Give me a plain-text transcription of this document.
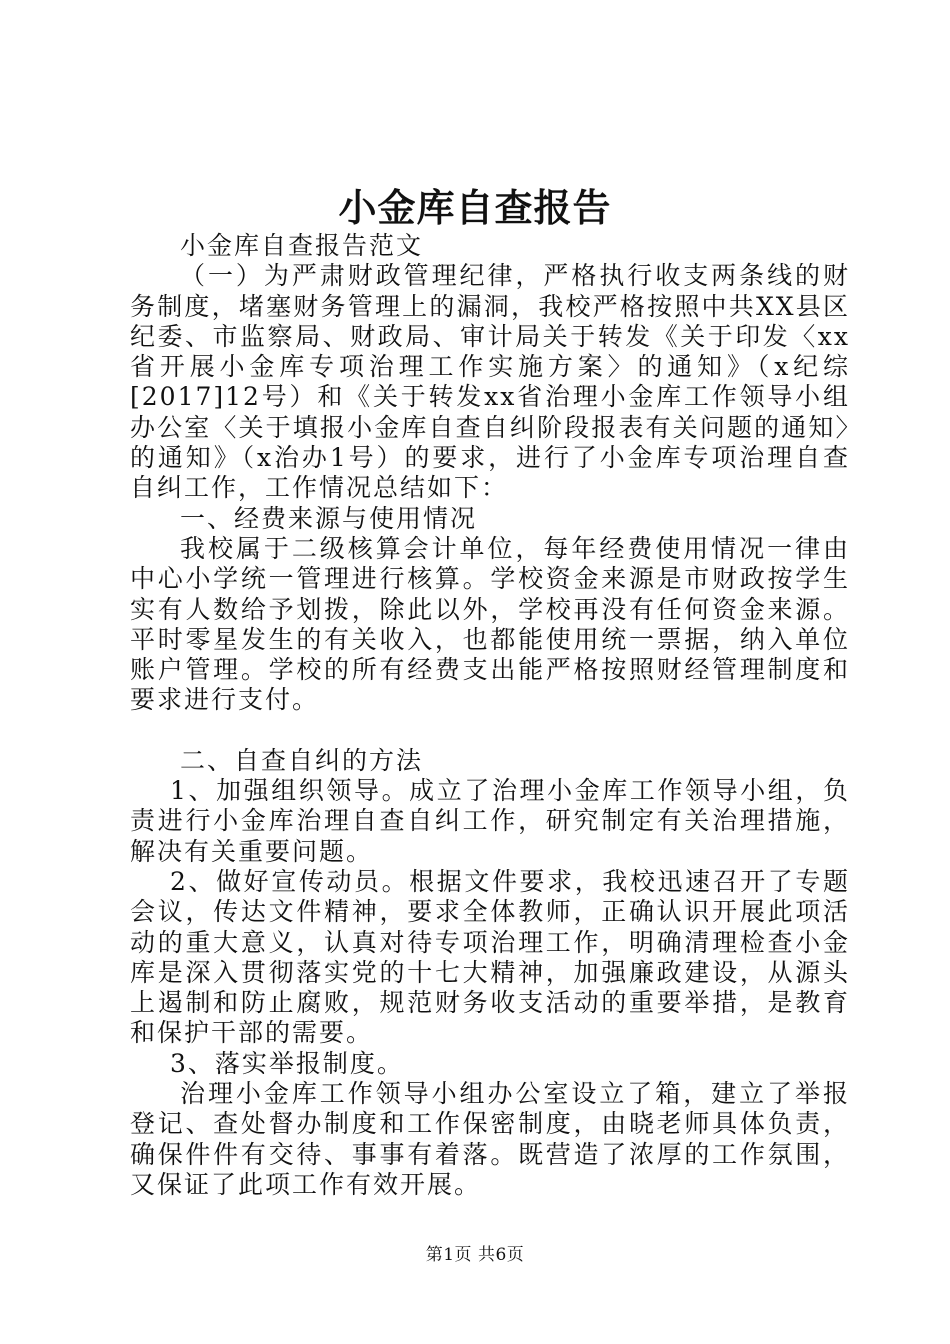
小金库自查报告

小金库自查报告范文

（一）为严肃财政管理纪律，严格执行收支两条线的财务制度，堵塞财务管理上的漏洞，我校严格按照中共XX县区纪委、市监察局、财政局、审计局关于转发《关于印发〈xx省开展小金库专项治理工作实施方案〉的通知》（x纪综[2017]12号）和《关于转发xx省治理小金库工作领导小组办公室〈关于填报小金库自查自纠阶段报表有关问题的通知〉的通知》（x治办1号）的要求，进行了小金库专项治理自查自纠工作，工作情况总结如下：

一、经费来源与使用情况

我校属于二级核算会计单位，每年经费使用情况一律由中心小学统一管理进行核算。学校资金来源是市财政按学生实有人数给予划拨，除此以外，学校再没有任何资金来源。平时零星发生的有关收入，也都能使用统一票据，纳入单位账户管理。学校的所有经费支出能严格按照财经管理制度和要求进行支付。

二、自查自纠的方法

1、加强组织领导。成立了治理小金库工作领导小组，负责进行小金库治理自查自纠工作，研究制定有关治理措施，解决有关重要问题。

2、做好宣传动员。根据文件要求，我校迅速召开了专题会议，传达文件精神，要求全体教师，正确认识开展此项活动的重大意义，认真对待专项治理工作，明确清理检查小金库是深入贯彻落实党的十七大精神，加强廉政建设，从源头上遏制和防止腐败，规范财务收支活动的重要举措，是教育和保护干部的需要。

3、落实举报制度。

治理小金库工作领导小组办公室设立了箱，建立了举报登记、查处督办制度和工作保密制度，由晓老师具体负责，确保件件有交待、事事有着落。既营造了浓厚的工作氛围，又保证了此项工作有效开展。

第1页 共6页
